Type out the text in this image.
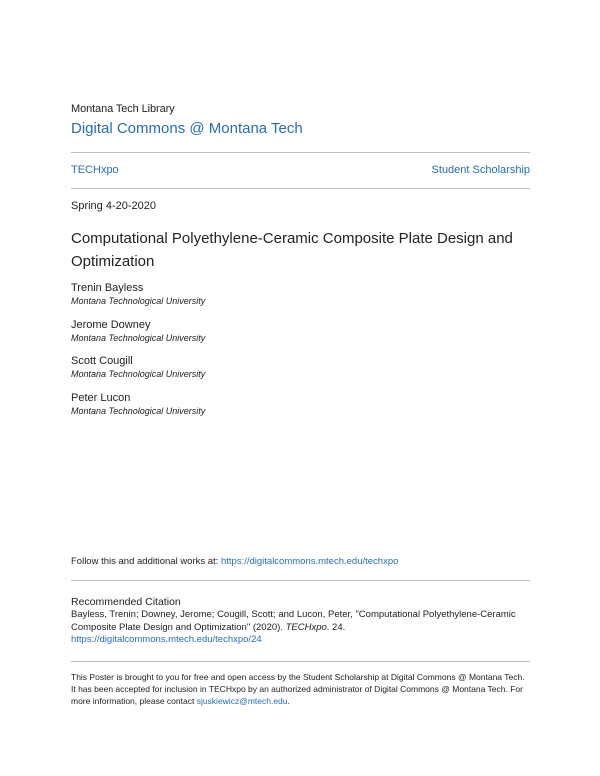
Montana Tech Library
Digital Commons @ Montana Tech
TECHxpo	Student Scholarship
Spring 4-20-2020
Computational Polyethylene-Ceramic Composite Plate Design and Optimization
Trenin Bayless
Montana Technological University
Jerome Downey
Montana Technological University
Scott Cougill
Montana Technological University
Peter Lucon
Montana Technological University
Follow this and additional works at: https://digitalcommons.mtech.edu/techxpo
Recommended Citation
Bayless, Trenin; Downey, Jerome; Cougill, Scott; and Lucon, Peter, "Computational Polyethylene-Ceramic Composite Plate Design and Optimization" (2020). TECHxpo. 24.
https://digitalcommons.mtech.edu/techxpo/24
This Poster is brought to you for free and open access by the Student Scholarship at Digital Commons @ Montana Tech. It has been accepted for inclusion in TECHxpo by an authorized administrator of Digital Commons @ Montana Tech. For more information, please contact sjuskiewicz@mtech.edu.
